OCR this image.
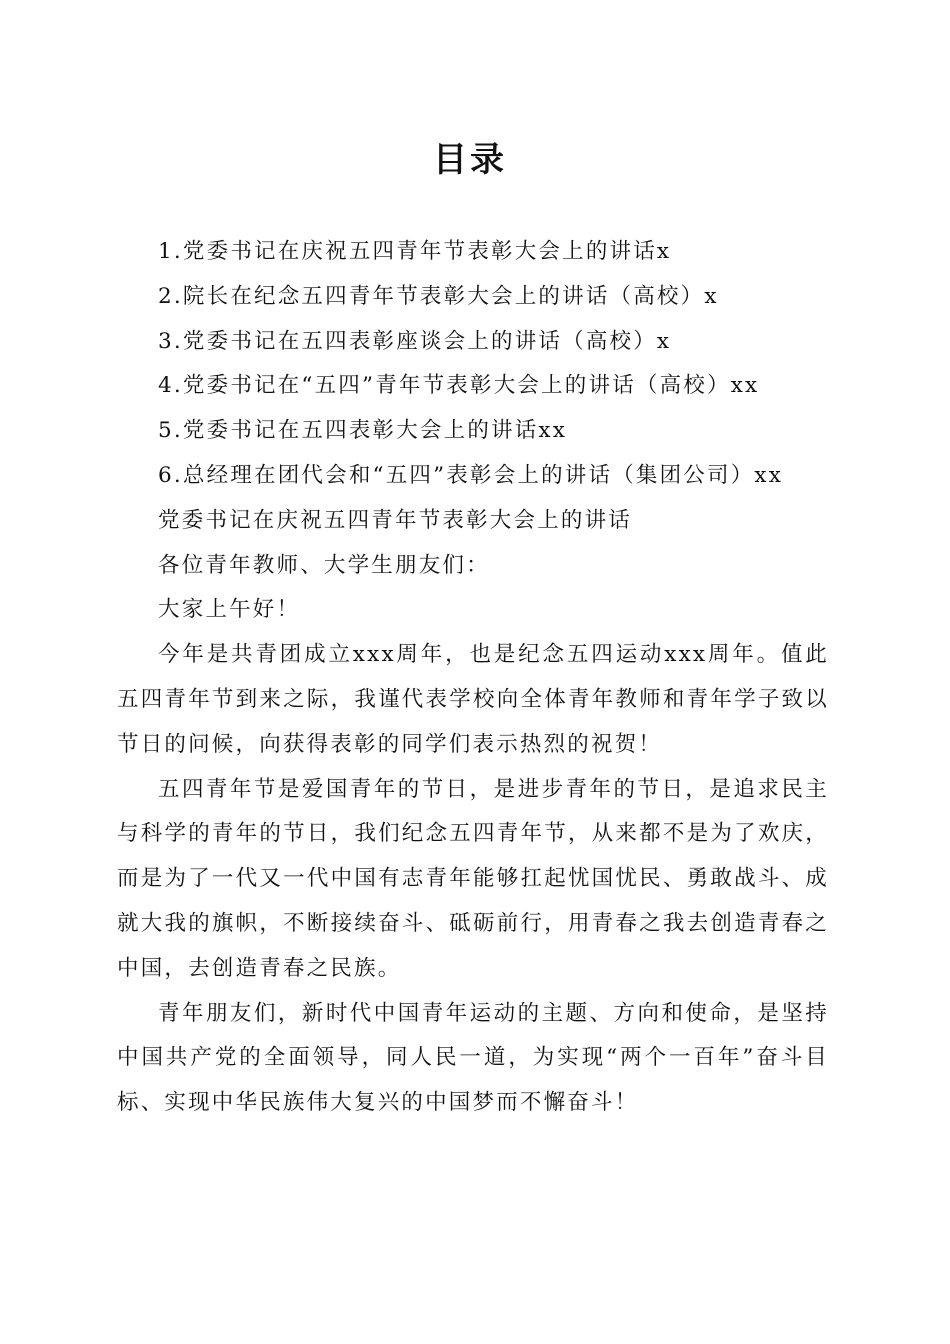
目录

1.党委书记在庆祝五四青年节表彰大会上的讲话x

2.院长在纪念五四青年节表彰大会上的讲话（高校）x

3.党委书记在五四表彰座谈会上的讲话（高校）x

4.党委书记在“五四”青年节表彰大会上的讲话（高校）xx

5.党委书记在五四表彰大会上的讲话xx

6.总经理在团代会和“五四”表彰会上的讲话（集团公司）xx

党委书记在庆祝五四青年节表彰大会上的讲话

各位青年教师、大学生朋友们：

大家上午好！

今年是共青团成立xxx周年，也是纪念五四运动xxx周年。值此五四青年节到来之际，我谨代表学校向全体青年教师和青年学子致以节日的问候，向获得表彰的同学们表示热烈的祝贺！

五四青年节是爱国青年的节日，是进步青年的节日，是追求民主与科学的青年的节日，我们纪念五四青年节，从来都不是为了欢庆，而是为了一代又一代中国有志青年能够扛起忧国忧民、勇敢战斗、成就大我的旗帜，不断接续奋斗、砥砺前行，用青春之我去创造青春之中国，去创造青春之民族。

青年朋友们，新时代中国青年运动的主题、方向和使命，是坚持中国共产党的全面领导，同人民一道，为实现“两个一百年”奋斗目标、实现中华民族伟大复兴的中国梦而不懈奋斗！
